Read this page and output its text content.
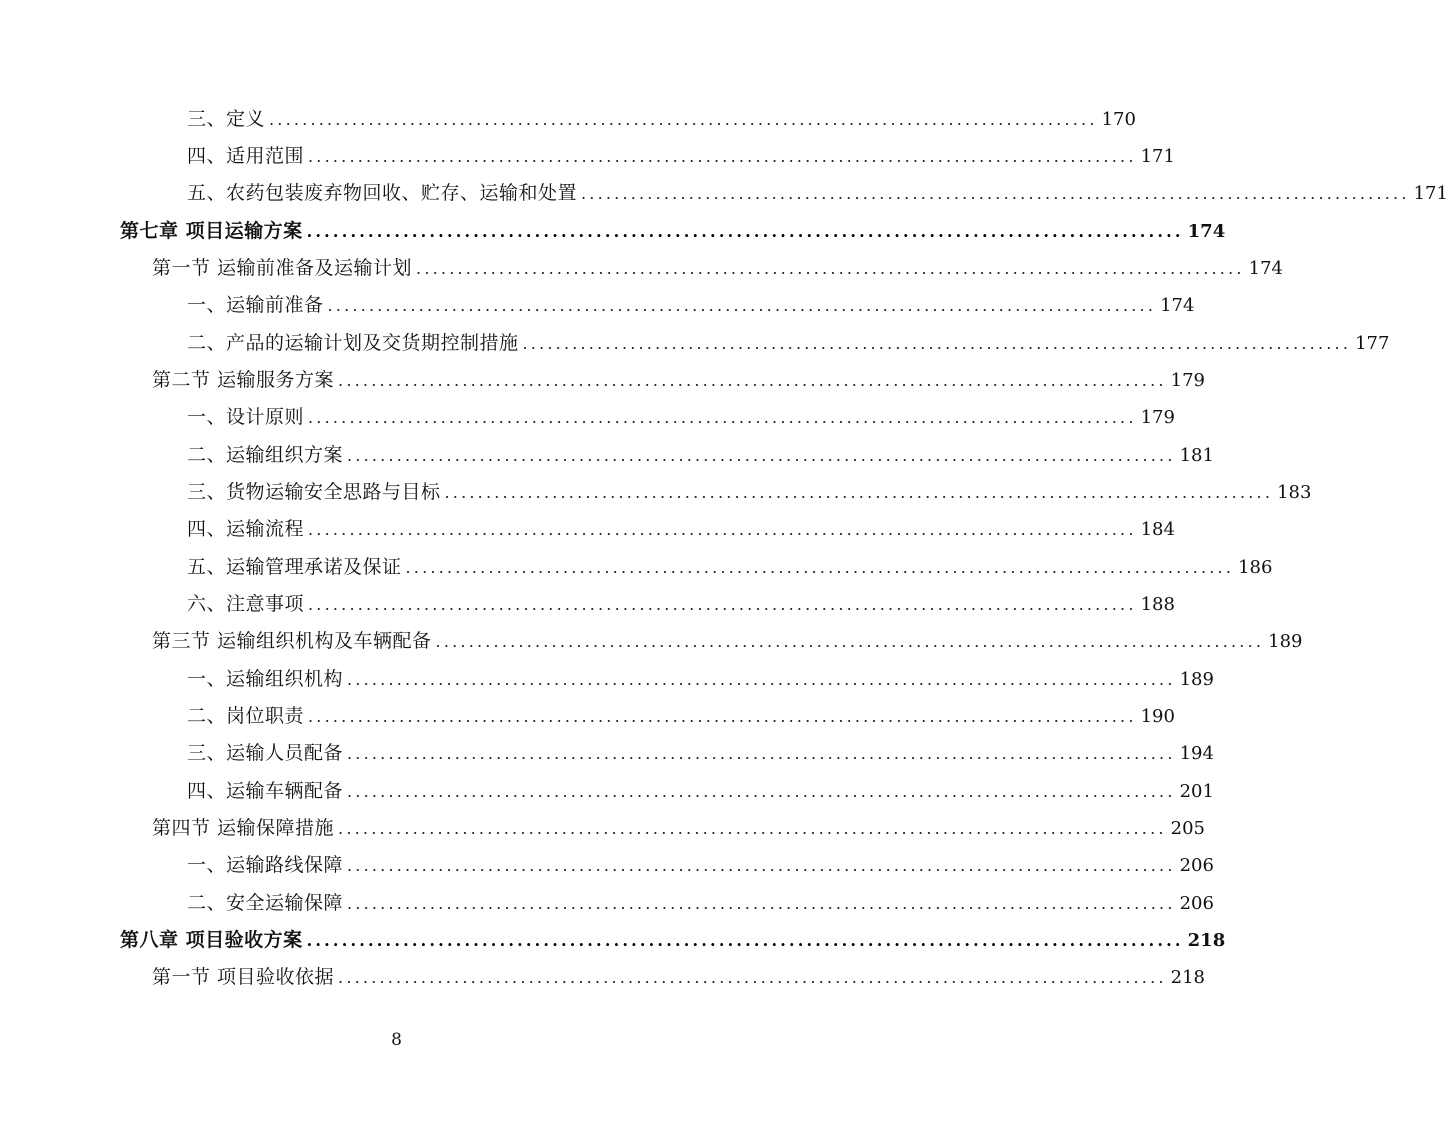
三、定义 .................................................................................................... 170
四、适用范围 .................................................................................................... 171
五、农药包装废弃物回收、贮存、运输和处置 .................................................................................................... 171
第七章 项目运输方案 .................................................................................................... 174
第一节 运输前准备及运输计划 .................................................................................................... 174
一、运输前准备 .................................................................................................... 174
二、产品的运输计划及交货期控制措施 .................................................................................................... 177
第二节 运输服务方案 .................................................................................................... 179
一、设计原则 .................................................................................................... 179
二、运输组织方案 .................................................................................................... 181
三、货物运输安全思路与目标 .................................................................................................... 183
四、运输流程 .................................................................................................... 184
五、运输管理承诺及保证 .................................................................................................... 186
六、注意事项 .................................................................................................... 188
第三节 运输组织机构及车辆配备 .................................................................................................... 189
一、运输组织机构 .................................................................................................... 189
二、岗位职责 .................................................................................................... 190
三、运输人员配备 .................................................................................................... 194
四、运输车辆配备 .................................................................................................... 201
第四节 运输保障措施 .................................................................................................... 205
一、运输路线保障 .................................................................................................... 206
二、安全运输保障 .................................................................................................... 206
第八章 项目验收方案 .................................................................................................... 218
第一节 项目验收依据 .................................................................................................... 218
8
